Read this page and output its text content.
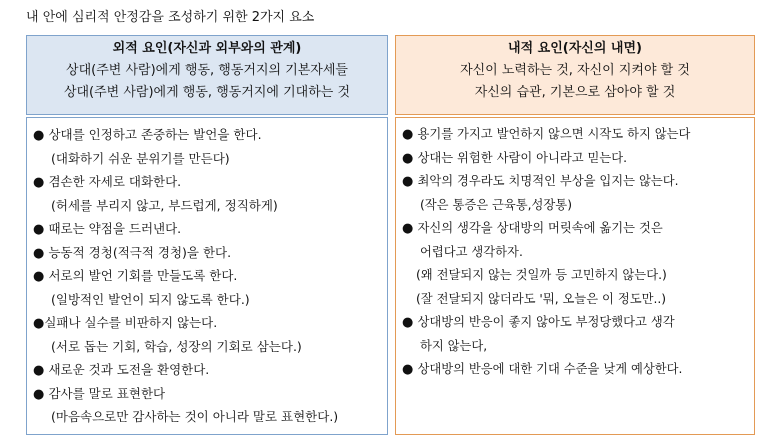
내 안에 심리적 안정감을 조성하기 위한 2가지 요소
외적 요인(자신과 외부와의 관계)
상대(주변 사람)에게 행동, 행동거지의 기본자세들
상대(주변 사람)에게 행동, 행동거지에 기대하는 것
내적 요인(자신의 내면)
자신이 노력하는 것, 자신이 지켜야 할 것
자신의 습관, 기본으로 삼아야 할 것
● 상대를 인정하고 존중하는 발언을 한다.
(대화하기 쉬운 분위기를 만든다)
● 겸손한 자세로 대화한다.
(허세를 부리지 않고, 부드럽게, 정직하게)
● 때로는 약점을 드러낸다.
● 능동적 경청(적극적 경청)을 한다.
● 서로의 발언 기회를 만들도록 한다.
(일방적인 발언이 되지 않도록 한다.)
●실패나 실수를 비판하지 않는다.
(서로 돕는 기회, 학습, 성장의 기회로 삼는다.)
● 새로운 것과 도전을 환영한다.
● 감사를 말로 표현한다
(마음속으로만 감사하는 것이 아니라 말로 표현한다.)
● 용기를 가지고 발언하지 않으면 시작도 하지 않는다
● 상대는 위험한 사람이 아니라고 믿는다.
● 최악의 경우라도 치명적인 부상을 입지는 않는다.
(작은 통증은 근육통,성장통)
● 자신의 생각을 상대방의 머릿속에 옮기는 것은
어렵다고 생각하자.
(왜 전달되지 않는 것일까 등 고민하지 않는다.)
(잘 전달되지 않더라도 '뭐, 오늘은 이 정도만..)
● 상대방의 반응이 좋지 않아도 부정당했다고 생각
하지 않는다,
● 상대방의 반응에 대한 기대 수준을 낮게 예상한다.
